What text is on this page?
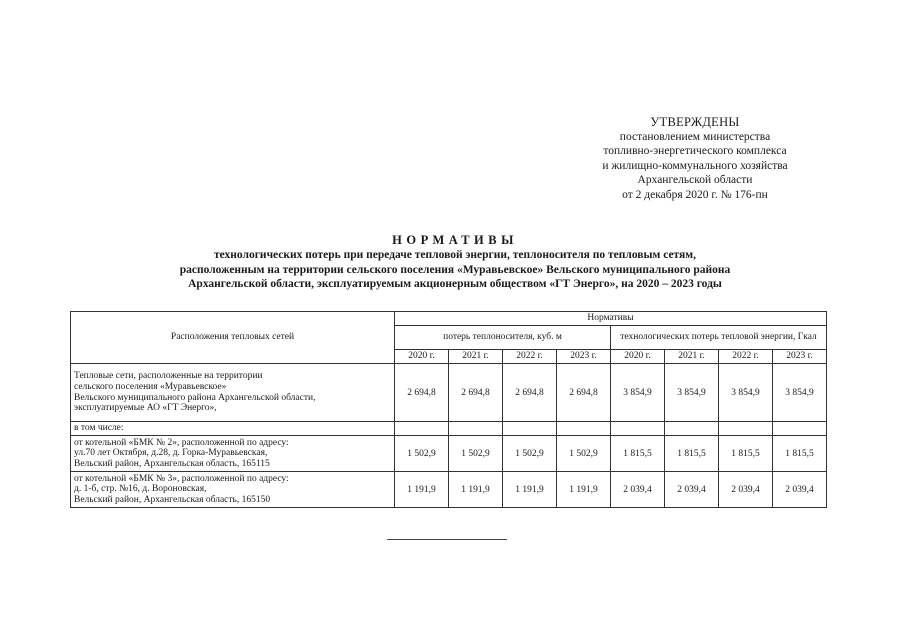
УТВЕРЖДЕНЫ
постановлением министерства
топливно-энергетического комплекса
и жилищно-коммунального хозяйства
Архангельской области
от 2 декабря 2020 г. № 176-пн
НОРМАТИВЫ
технологических потерь при передаче тепловой энергии, теплоносителя по тепловым сетям,
расположенным на территории сельского поселения «Муравьевское» Вельского муниципального района
Архангельской области, эксплуатируемым акционерным обществом «ГТ Энерго», на 2020 – 2023 годы
Расположения тепловых сетей	Нормативы							
	потерь теплоносителя, куб. м				технологических потерь тепловой энергии, Гкал			
	2020 г.	2021 г.	2022 г.	2023 г.	2020 г.	2021 г.	2022 г.	2023 г.

Тепловые сети, расположенные на территории
сельского поселения «Муравьевское»
Вельского муниципального района Архангельской области,
эксплуатируемые АО «ГТ Энерго»,	2 694,8	2 694,8	2 694,8	2 694,8	3 854,9	3 854,9	3 854,9	3 854,9

в том числе:								

от котельной «БМК № 2», расположенной по адресу:
ул.70 лет Октября, д.28, д. Горка-Муравьевская,
Вельский район, Архангельская область, 165115	1 502,9	1 502,9	1 502,9	1 502,9	1 815,5	1 815,5	1 815,5	1 815,5

от котельной «БМК № 3», расположенной по адресу:
д. 1-б, стр. №16, д. Вороновская,
Вельский район, Архангельская область, 165150	1 191,9	1 191,9	1 191,9	1 191,9	2 039,4	2 039,4	2 039,4	2 039,4
